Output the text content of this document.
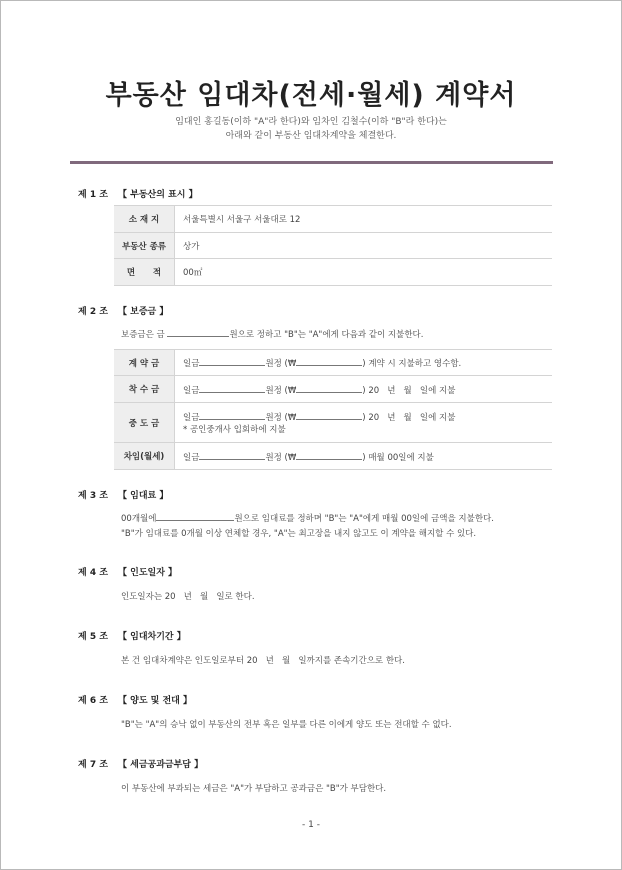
부동산 임대차(전세·월세) 계약서
임대인 홍길동(이하 "A"라 한다)와 임차인 김철수(이하 "B"라 한다)는
아래와 같이 부동산 임대차계약을 체결한다.
제 1 조 【 부동산의 표시 】
소 재 지	서울특별시 서울구 서울대로 12
부동산 종류	상가
면      적	00㎡
제 2 조 【 보증금 】
보증금은 금	원으로 정하고 "B"는 "A"에게 다음과 같이 지불한다.
계 약 금	일금 원정 (₩ ) 계약 시 지불하고 영수함.
착 수 금	일금 원정 (₩ ) 20   년   월   일에 지불
중 도 금	일금 원정 (₩ ) 20   년   월   일에 지불
* 공인중개사 입회하에 지불

차임(월세)	일금 원정 (₩ ) 매월 00일에 지불
제 3 조 【 임대료 】
00개월에	원으로 임대료를 정하며 "B"는 "A"에게 매월 00일에 금액을 지불한다.
"B"가 임대료를 0개월 이상 연체할 경우, "A"는 최고장을 내지 않고도 이 계약을 해지할 수 있다.
제 4 조 【 인도일자 】
인도일자는 20   년   월   일로 한다.
제 5 조 【 임대차기간 】
본 건 임대차계약은 인도일로부터 20   년   월   일까지를 존속기간으로 한다.
제 6 조 【 양도 및 전대 】
"B"는 "A"의 승낙 없이 부동산의 전부 혹은 일부를 다른 이에게 양도 또는 전대할 수 없다.
제 7 조 【 세금공과금부담 】
이 부동산에 부과되는 세금은 "A"가 부담하고 공과금은 "B"가 부담한다.
- 1 -
